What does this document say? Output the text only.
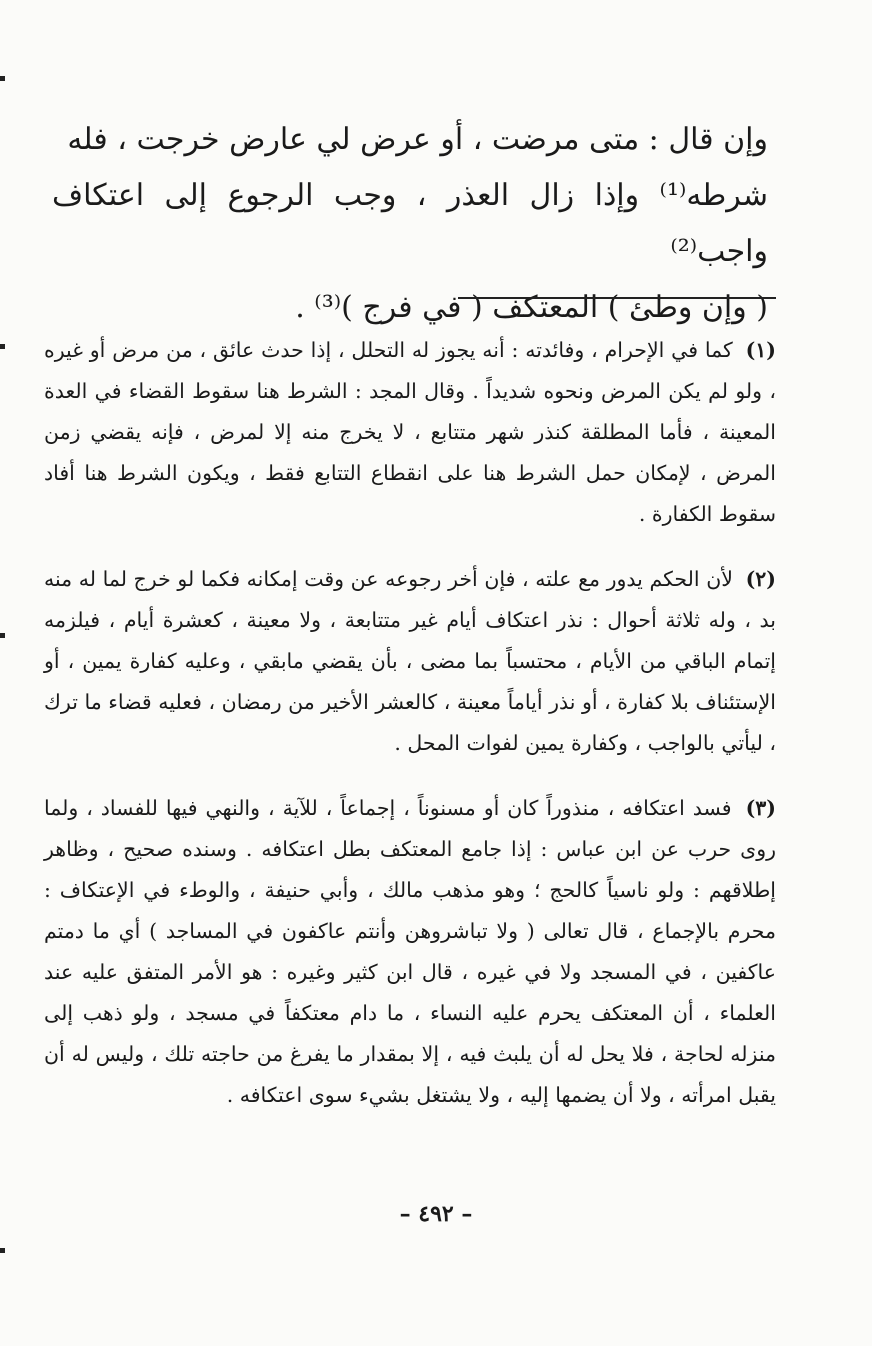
وإن قال : متى مرضت ، أو عرض لي عارض خرجت ، فله

شرطه⁽¹⁾ وإذا زال العذر ، وجب الرجوع إلى اعتكاف واجب⁽²⁾

( وإن وطئ ) المعتكف ( في فرج )⁽³⁾ .

(١) كما في الإحرام ، وفائدته : أنه يجوز له التحلل ، إذا حدث عائق ، من مرض أو غيره ، ولو لم يكن المرض ونحوه شديداً . وقال المجد : الشرط هنا سقوط القضاء في العدة المعينة ، فأما المطلقة كنذر شهر متتابع ، لا يخرج منه إلا لمرض ، فإنه يقضي زمن المرض ، لإمكان حمل الشرط هنا على انقطاع التتابع فقط ، ويكون الشرط هنا أفاد سقوط الكفارة .

(٢) لأن الحكم يدور مع علته ، فإن أخر رجوعه عن وقت إمكانه فكما لو خرج لما له منه بد ، وله ثلاثة أحوال : نذر اعتكاف أيام غير متتابعة ، ولا معينة ، كعشرة أيام ، فيلزمه إتمام الباقي من الأيام ، محتسباً بما مضى ، بأن يقضي مابقي ، وعليه كفارة يمين ، أو الإستئناف بلا كفارة ، أو نذر أياماً معينة ، كالعشر الأخير من رمضان ، فعليه قضاء ما ترك ، ليأتي بالواجب ، وكفارة يمين لفوات المحل .

(٣) فسد اعتكافه ، منذوراً كان أو مسنوناً ، إجماعاً ، للآية ، والنهي فيها للفساد ، ولما روى حرب عن ابن عباس : إذا جامع المعتكف بطل اعتكافه . وسنده صحيح ، وظاهر إطلاقهم : ولو ناسياً كالحج ؛ وهو مذهب مالك ، وأبي حنيفة ، والوطء في الإعتكاف : محرم بالإجماع ، قال تعالى ( ولا تباشروهن وأنتم عاكفون في المساجد ) أي ما دمتم عاكفين ، في المسجد ولا في غيره ، قال ابن كثير وغيره : هو الأمر المتفق عليه عند العلماء ، أن المعتكف يحرم عليه النساء ، ما دام معتكفاً في مسجد ، ولو ذهب إلى منزله لحاجة ، فلا يحل له أن يلبث فيه ، إلا بمقدار ما يفرغ من حاجته تلك ، وليس له أن يقبل امرأته ، ولا أن يضمها إليه ، ولا يشتغل بشيء سوى اعتكافه .

– ٤٩٢ –
